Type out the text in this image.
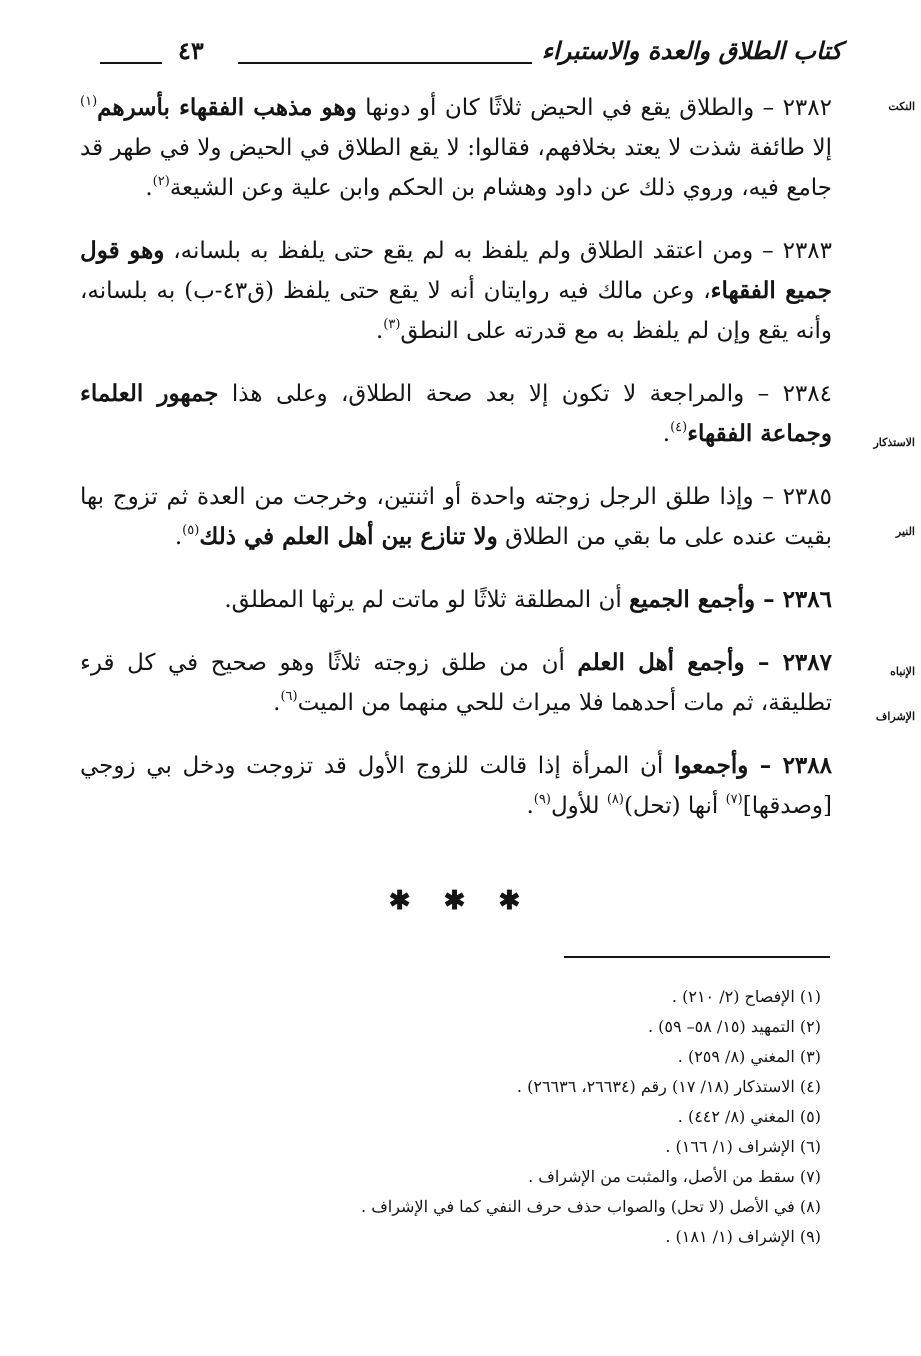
كتاب الطلاق والعدة والاستبراء
٤٣
النكت
الاستذكار
النير
الإنباه
الإشراف

٢٣٨٢ – والطلاق يقع في الحيض ثلاثًا كان أو دونها وهو مذهب الفقهاء بأسرهم$^{(١)}$ إلا طائفة شذت لا يعتد بخلافهم، فقالوا: لا يقع الطلاق في الحيض ولا في طهر قد جامع فيه، وروي ذلك عن داود وهشام بن الحكم وابن علية وعن الشيعة$^{(٢)}$.

٢٣٨٣ – ومن اعتقد الطلاق ولم يلفظ به لم يقع حتى يلفظ به بلسانه، وهو قول جميع الفقهاء، وعن مالك فيه روايتان أنه لا يقع حتى يلفظ (ق٤٣-ب) به بلسانه، وأنه يقع وإن لم يلفظ به مع قدرته على النطق$^{(٣)}$.

٢٣٨٤ – والمراجعة لا تكون إلا بعد صحة الطلاق، وعلى هذا جمهور العلماء وجماعة الفقهاء$^{(٤)}$.

٢٣٨٥ – وإذا طلق الرجل زوجته واحدة أو اثنتين، وخرجت من العدة ثم تزوج بها بقيت عنده على ما بقي من الطلاق ولا تنازع بين أهل العلم في ذلك$^{(٥)}$.

٢٣٨٦ – وأجمع الجميع أن المطلقة ثلاثًا لو ماتت لم يرثها المطلق.

٢٣٨٧ – وأجمع أهل العلم أن من طلق زوجته ثلاثًا وهو صحيح في كل قرء تطليقة، ثم مات أحدهما فلا ميراث للحي منهما من الميت$^{(٦)}$.

٢٣٨٨ – وأجمعوا أن المرأة إذا قالت للزوج الأول قد تزوجت ودخل بي زوجي [وصدقها]$^{(٧)}$ أنها (تحل)$^{(٨)}$ للأول$^{(٩)}$.

✱ ✱ ✱
(١) الإفصاح (٢/ ٢١٠) .
(٢) التمهيد (١٥/ ٥٨– ٥٩) .
(٣) المغني (٨/ ٢٥٩) .
(٤) الاستذكار (١٨/ ١٧) رقم (٢٦٦٣٤، ٢٦٦٣٦) .
(٥) المغني (٨/ ٤٤٢) .
(٦) الإشراف (١/ ١٦٦) .
(٧) سقط من الأصل، والمثبت من الإشراف .
(٨) في الأصل (لا تحل) والصواب حذف حرف النفي كما في الإشراف .
(٩) الإشراف (١/ ١٨١) .
